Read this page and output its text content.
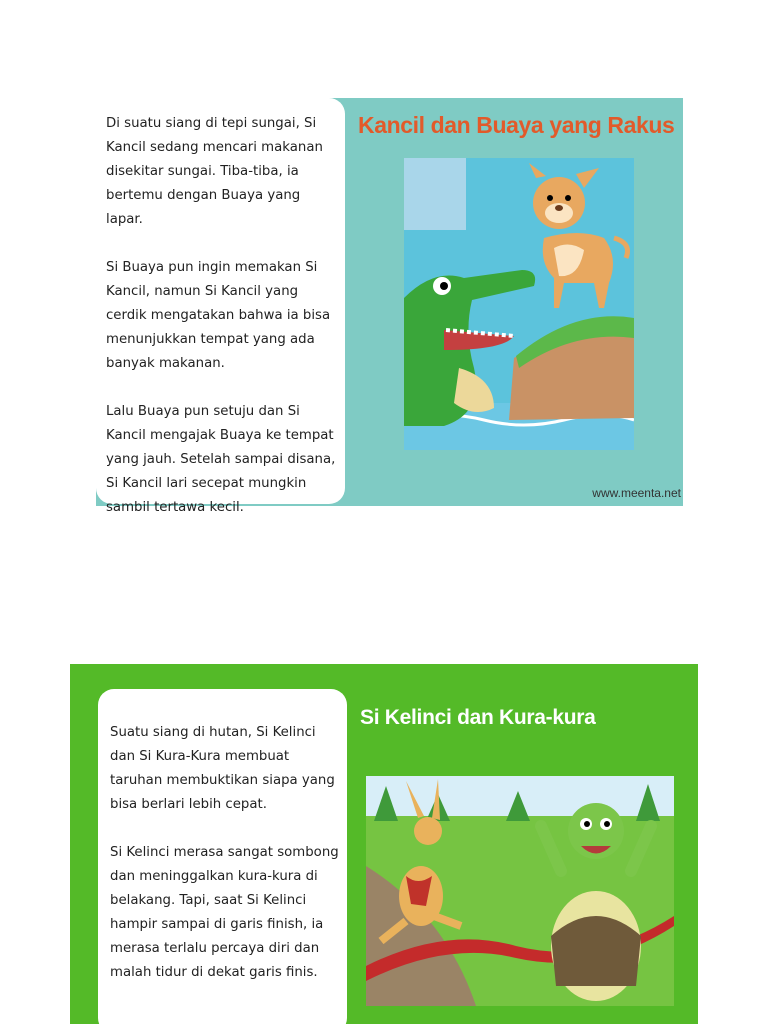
Di suatu siang di tepi sungai, Si Kancil sedang mencari makanan disekitar sungai. Tiba-tiba, ia bertemu dengan Buaya yang lapar.

Si Buaya pun ingin memakan Si Kancil, namun Si Kancil yang cerdik mengatakan bahwa ia bisa menunjukkan tempat yang ada banyak makanan.

Lalu Buaya pun setuju dan Si Kancil mengajak Buaya ke tempat yang jauh. Setelah sampai disana, Si Kancil lari secepat mungkin sambil tertawa kecil.

Kancil dan Buaya yang Rakus
www.meenta.net

Suatu siang di hutan, Si Kelinci dan Si Kura-Kura membuat taruhan membuktikan siapa yang bisa berlari lebih cepat.

Si Kelinci merasa sangat sombong dan meninggalkan kura-kura di belakang. Tapi, saat Si Kelinci hampir sampai di garis finish, ia merasa terlalu percaya diri dan malah tidur di dekat garis finis.

Si Kelinci dan Kura-kura
